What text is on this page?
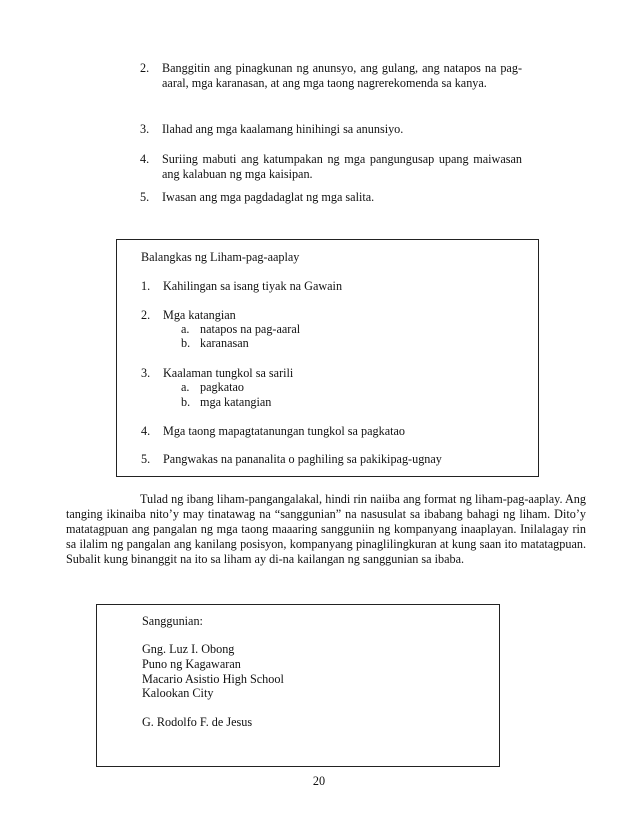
2. Banggitin ang pinagkunan ng anunsyo, ang gulang, ang natapos na pag-aaral, mga karanasan, at ang mga taong nagrerekomenda sa kanya.
3. Ilahad ang mga kaalamang hinihingi sa anunsiyo.
4. Suriing mabuti ang katumpakan ng mga pangungusap upang maiwasan ang kalabuan ng mga kaisipan.
5. Iwasan ang mga pagdadaglat ng mga salita.
Balangkas ng Liham-pag-aaplay
1. Kahilingan sa isang tiyak na Gawain
2. Mga katangian
a. natapos na pag-aaral
b. karanasan
3. Kaalaman tungkol sa sarili
a. pagkatao
b. mga katangian
4. Mga taong mapagtatanungan tungkol sa pagkatao
5. Pangwakas na pananalita o paghiling sa pakikipag-ugnay
Tulad ng ibang liham-pangangalakal, hindi rin naiiba ang format ng liham-pag-aaplay. Ang tanging ikinaiba nito’y may tinatawag na “sanggunian” na nasusulat sa ibabang bahagi ng liham. Dito’y matatagpuan ang pangalan ng mga taong maaaring sangguniin ng kompanyang inaaplayan. Inilalagay rin sa ilalim ng pangalan ang kanilang posisyon, kompanyang pinaglilingkuran at kung saan ito matatagpuan. Subalit kung binanggit na ito sa liham ay di-na kailangan ng sanggunian sa ibaba.
Sanggunian:
Gng. Luz I. Obong
Puno ng Kagawaran
Macario Asistio High School
Kalookan City
G. Rodolfo F. de Jesus
20
